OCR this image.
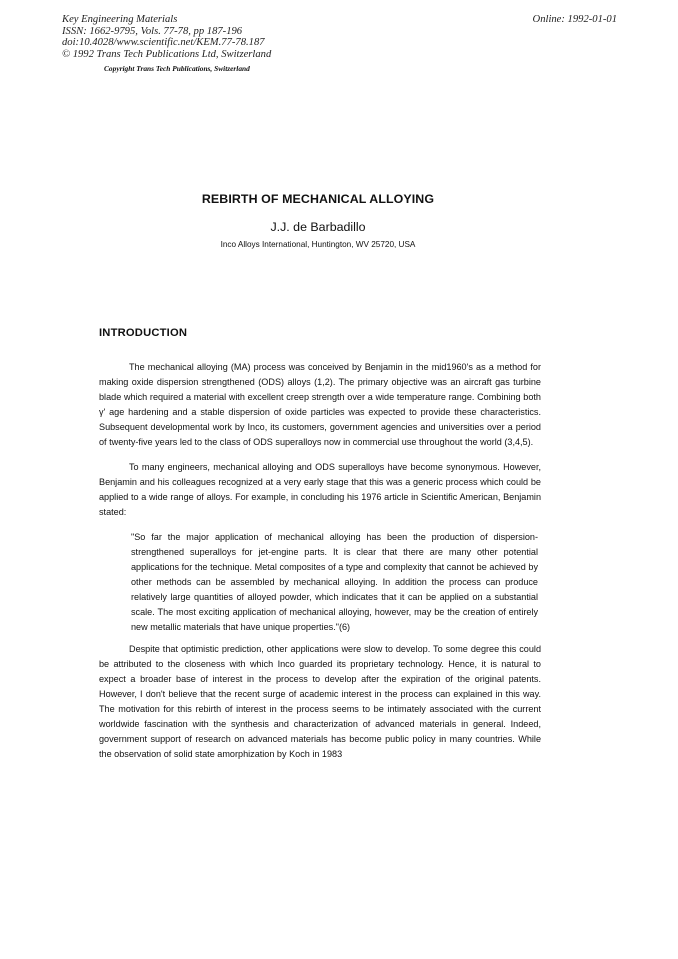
Key Engineering Materials
ISSN: 1662-9795, Vols. 77-78, pp 187-196
doi:10.4028/www.scientific.net/KEM.77-78.187
© 1992 Trans Tech Publications Ltd, Switzerland
Online: 1992-01-01
Copyright Trans Tech Publications, Switzerland
REBIRTH OF MECHANICAL ALLOYING
J.J. de Barbadillo
Inco Alloys International, Huntington, WV 25720, USA
INTRODUCTION

The mechanical alloying (MA) process was conceived by Benjamin in the mid1960's as a method for making oxide dispersion strengthened (ODS) alloys (1,2). The primary objective was an aircraft gas turbine blade which required a material with excellent creep strength over a wide temperature range. Combining both γ' age hardening and a stable dispersion of oxide particles was expected to provide these characteristics. Subsequent developmental work by Inco, its customers, government agencies and universities over a period of twenty-five years led to the class of ODS superalloys now in commercial use throughout the world (3,4,5).

To many engineers, mechanical alloying and ODS superalloys have become synonymous. However, Benjamin and his colleagues recognized at a very early stage that this was a generic process which could be applied to a wide range of alloys. For example, in concluding his 1976 article in Scientific American, Benjamin stated:

"So far the major application of mechanical alloying has been the production of dispersion-strengthened superalloys for jet-engine parts. It is clear that there are many other potential applications for the technique. Metal composites of a type and complexity that cannot be achieved by other methods can be assembled by mechanical alloying. In addition the process can produce relatively large quantities of alloyed powder, which indicates that it can be applied on a substantial scale. The most exciting application of mechanical alloying, however, may be the creation of entirely new metallic materials that have unique properties."(6)

Despite that optimistic prediction, other applications were slow to develop. To some degree this could be attributed to the closeness with which Inco guarded its proprietary technology. Hence, it is natural to expect a broader base of interest in the process to develop after the expiration of the original patents. However, I don't believe that the recent surge of academic interest in the process can explained in this way. The motivation for this rebirth of interest in the process seems to be intimately associated with the current worldwide fascination with the synthesis and characterization of advanced materials in general. Indeed, government support of research on advanced materials has become public policy in many countries. While the observation of solid state amorphization by Koch in 1983
